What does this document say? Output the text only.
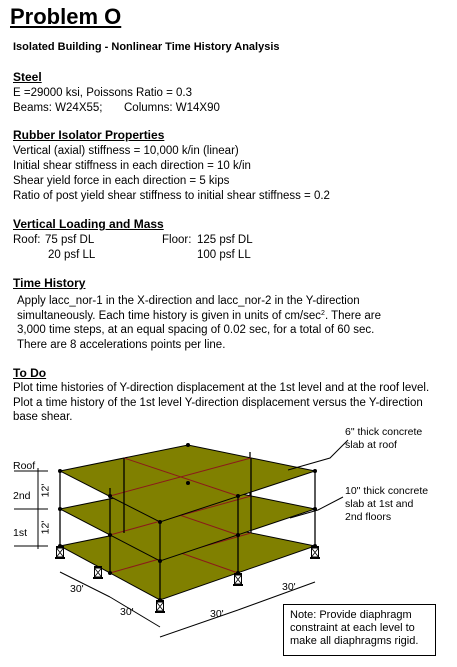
Problem O
Isolated Building - Nonlinear Time History Analysis
Steel
E =29000 ksi, Poissons Ratio = 0.3
Beams: W24X55; Columns: W14X90
Rubber Isolator Properties
Vertical (axial) stiffness = 10,000 k/in (linear)
Initial shear stiffness in each direction = 10 k/in
Shear yield force in each direction = 5 kips
Ratio of post yield shear stiffness to initial shear stiffness = 0.2
Vertical Loading and Mass
Roof: 75 psf DL
20 psf LL
Floor: 125 psf DL
100 psf LL
Time History
Apply lacc_nor-1 in the X-direction and lacc_nor-2 in the Y-direction simultaneously. Each time history is given in units of $cm/\sec^2$. There are 3,000 time steps, at an equal spacing of 0.02 sec, for a total of 60 sec. There are 8 accelerations points per line.
To Do
Plot time histories of Y-direction displacement at the 1st level and at the roof level. Plot a time history of the 1st level Y-direction displacement versus the Y-direction base shear.
Roof
2nd
1st
12'
12'
30'
30'	30'
30'
6" thick concrete
slab at roof
10" thick concrete
slab at 1st and
2nd floors
Note: Provide diaphragm constraint at each level to make all diaphragms rigid.
